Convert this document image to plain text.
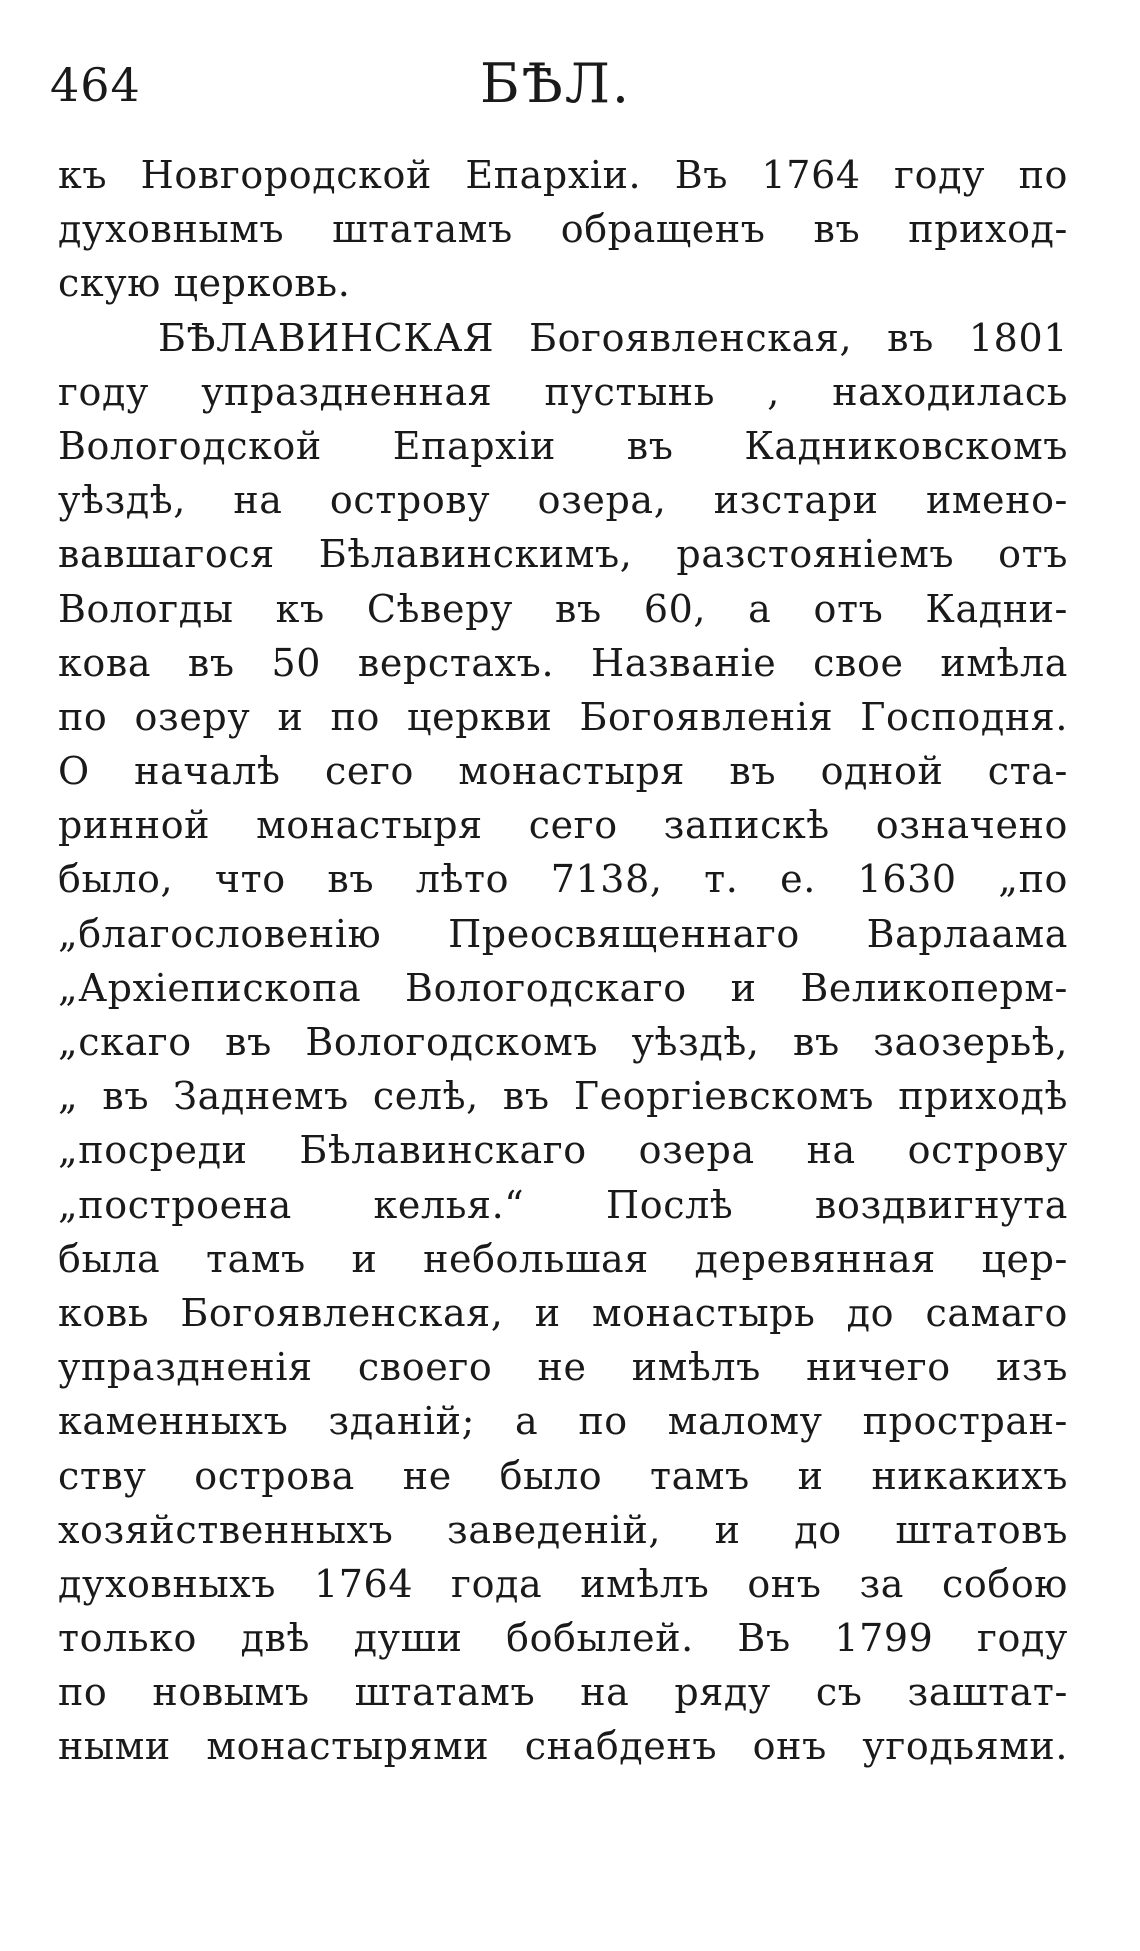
464	БѢЛ.
къ Новгородской Епархiи. Въ 1764 году по
духовнымъ штатамъ обращенъ въ приход-
скую церковь.
БѢЛАВИНСКАЯ Богоявленская, въ 1801
году упраздненная пустынь , находилась
Вологодской Епархiи въ Кадниковскомъ
уѣздѣ, на острову озера, изстари имено-
вавшагося Бѣлавинскимъ, разстоянiемъ отъ
Вологды къ Сѣверу въ 60, а отъ Кадни-
кова въ 50 верстахъ. Названiе свое имѣла
по озеру и по церкви Богоявленiя Господня.
О началѣ сего монастыря въ одной ста-
ринной монастыря сего запискѣ означено
было, что въ лѣто 7138, т. е. 1630 „по
„благословенiю Преосвященнаго Варлаама
„Архiепископа Вологодскаго и Великоперм-
„скаго въ Вологодскомъ уѣздѣ, въ заозерьѣ,
„ въ Заднемъ селѣ, въ Георгiевскомъ приходѣ
„посреди Бѣлавинскаго озера на острову
„построена келья.“ Послѣ воздвигнута
была тамъ и небольшая деревянная цер-
ковь Богоявленская, и монастырь до самаго
упраздненiя своего не имѣлъ ничего изъ
каменныхъ зданiй; а по малому простран-
ству острова не было тамъ и никакихъ
хозяйственныхъ заведенiй, и до штатовъ
духовныхъ 1764 года имѣлъ онъ за собою
только двѣ души бобылей. Въ 1799 году
по новымъ штатамъ на ряду съ заштат-
ными монастырями снабденъ онъ угодьями.
